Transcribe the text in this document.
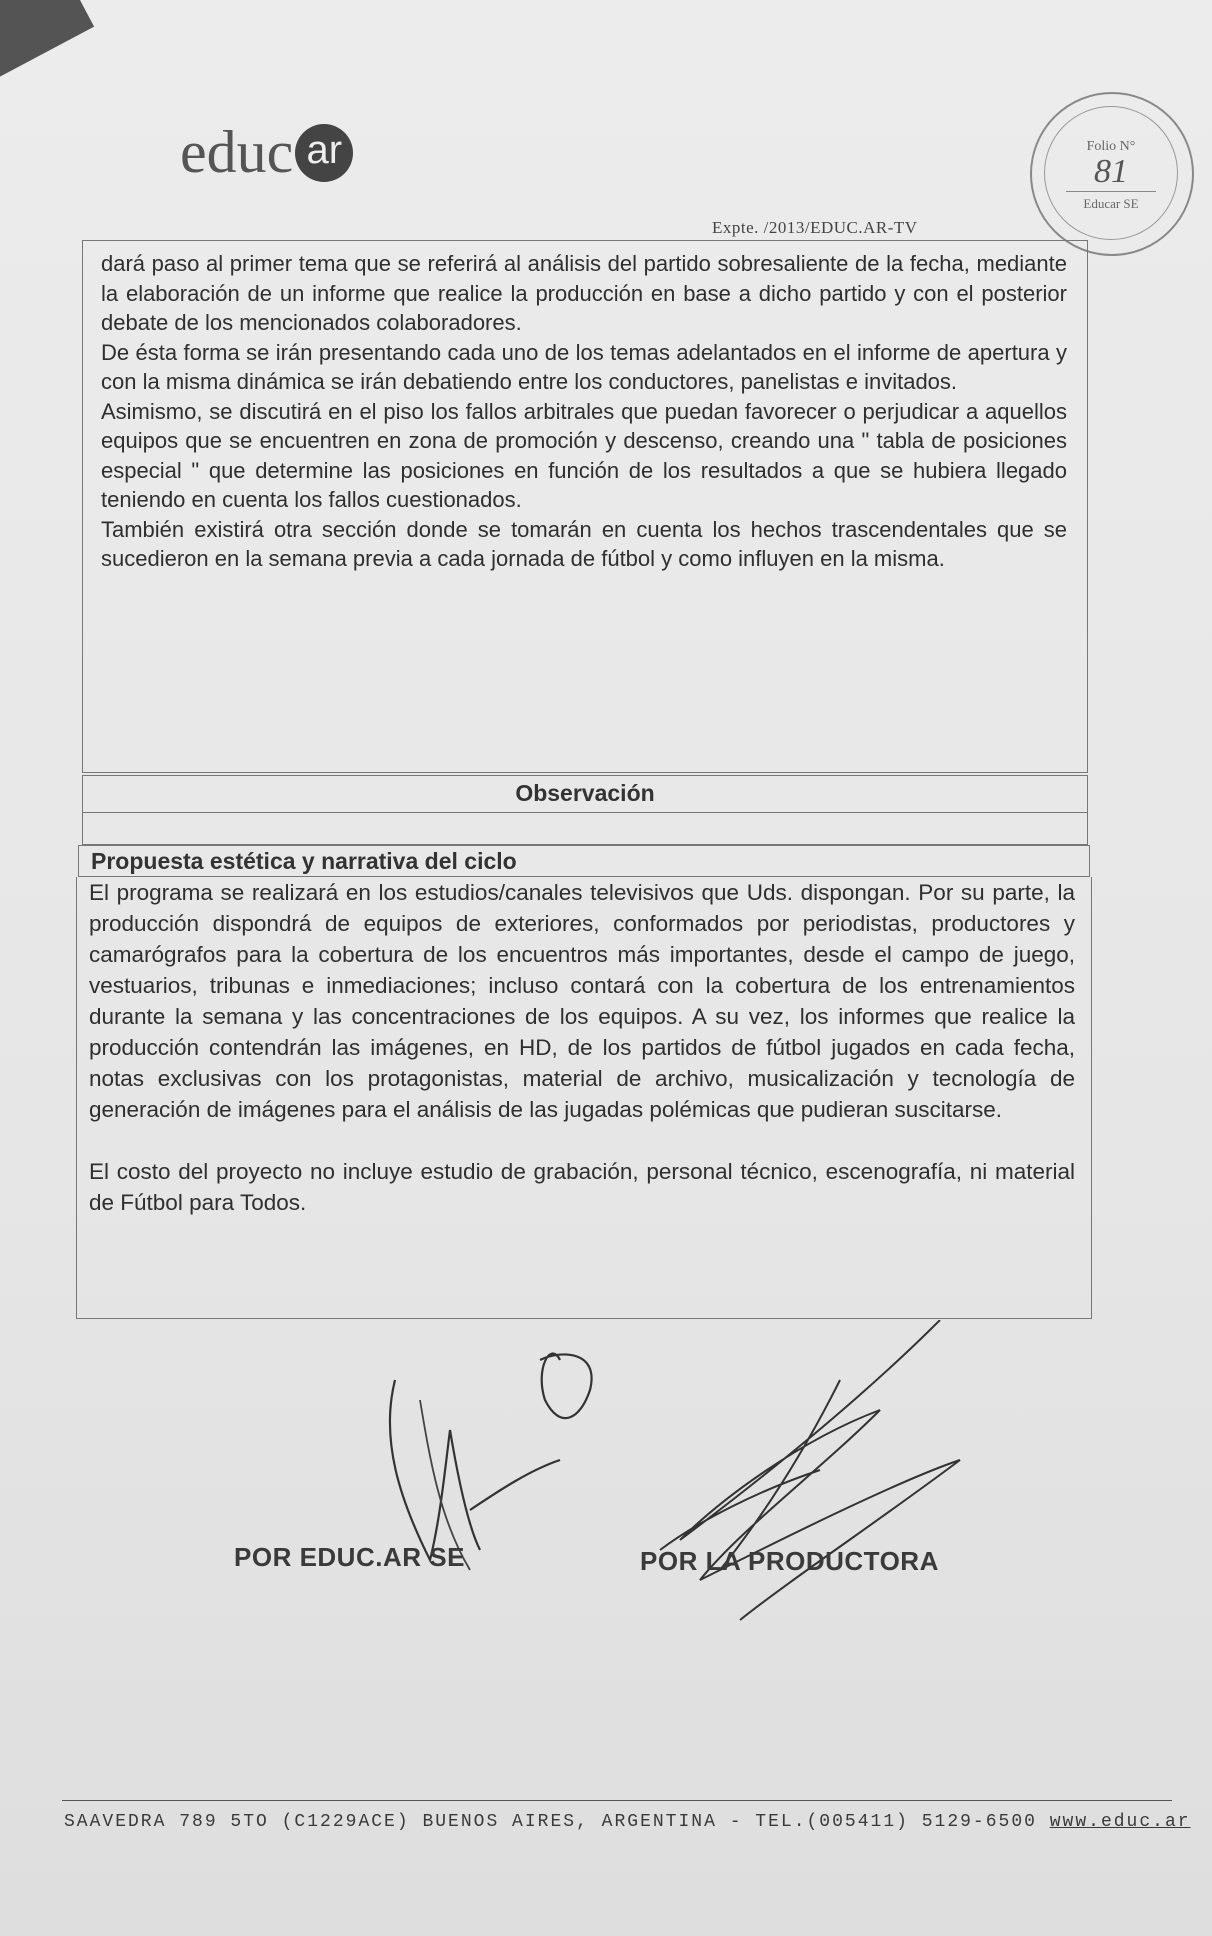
educ ar	Folio N°
81
Educar SE
Expte. /2013/EDUC.AR-TV

dará paso al primer tema que se referirá al análisis del partido sobresaliente de la fecha, mediante la elaboración de un informe que realice la producción en base a dicho partido y con el posterior debate de los mencionados colaboradores.

De ésta forma se irán presentando cada uno de los temas adelantados en el informe de apertura y con la misma dinámica se irán debatiendo entre los conductores, panelistas e invitados.

Asimismo, se discutirá en el piso los fallos arbitrales que puedan favorecer o perjudicar a aquellos equipos que se encuentren en zona de promoción y descenso, creando una " tabla de posiciones especial " que determine las posiciones en función de los resultados a que se hubiera llegado teniendo en cuenta los fallos cuestionados.

También existirá otra sección donde se tomarán en cuenta los hechos trascendentales que se sucedieron en la semana previa a cada jornada de fútbol y como influyen en la misma.

Observación
Propuesta estética y narrativa del ciclo

El programa se realizará en los estudios/canales televisivos que Uds. dispongan. Por su parte, la producción dispondrá de equipos de exteriores, conformados por periodistas, productores y camarógrafos para la cobertura de los encuentros más importantes, desde el campo de juego, vestuarios, tribunas e inmediaciones; incluso contará con la cobertura de los entrenamientos durante la semana y las concentraciones de los equipos. A su vez, los informes que realice la producción contendrán las imágenes, en HD, de los partidos de fútbol jugados en cada fecha, notas exclusivas con los protagonistas, material de archivo, musicalización y tecnología de generación de imágenes para el análisis de las jugadas polémicas que pudieran suscitarse.

El costo del proyecto no incluye estudio de grabación, personal técnico, escenografía, ni material de Fútbol para Todos.

POR EDUC.AR SE	POR LA PRODUCTORA
SAAVEDRA 789 5TO (C1229ACE) BUENOS AIRES, ARGENTINA - TEL.(005411) 5129-6500 www.educ.ar
